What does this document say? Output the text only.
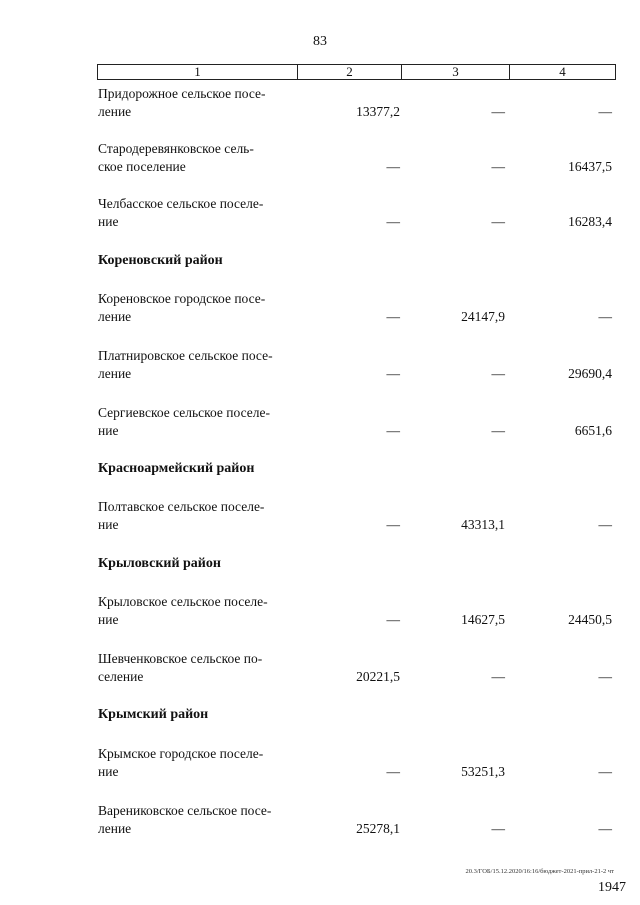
83
1	2	3	4
Придорожное сельское посе-
ление	13377,2	—	—
Стародеревянковское сель-
ское поселение	—	—	16437,5
Челбасское сельское поселе-
ние	—	—	16283,4
Кореновский район
Кореновское городское посе-
ление	—	24147,9	—
Платнировское сельское посе-
ление	—	—	29690,4
Сергиевское сельское поселе-
ние	—	—	6651,6
Красноармейский район
Полтавское сельское поселе-
ние	—	43313,1	—
Крыловский район
Крыловское сельское поселе-
ние	—	14627,5	24450,5
Шевченковское сельское по-
селение	20221,5	—	—
Крымский район
Крымское городское поселе-
ние	—	53251,3	—
Варениковское сельское посе-
ление	25278,1	—	—
20.3/ГОБ/15.12.2020/16:16/бюджет-2021-прил-21-2 чт
1947
